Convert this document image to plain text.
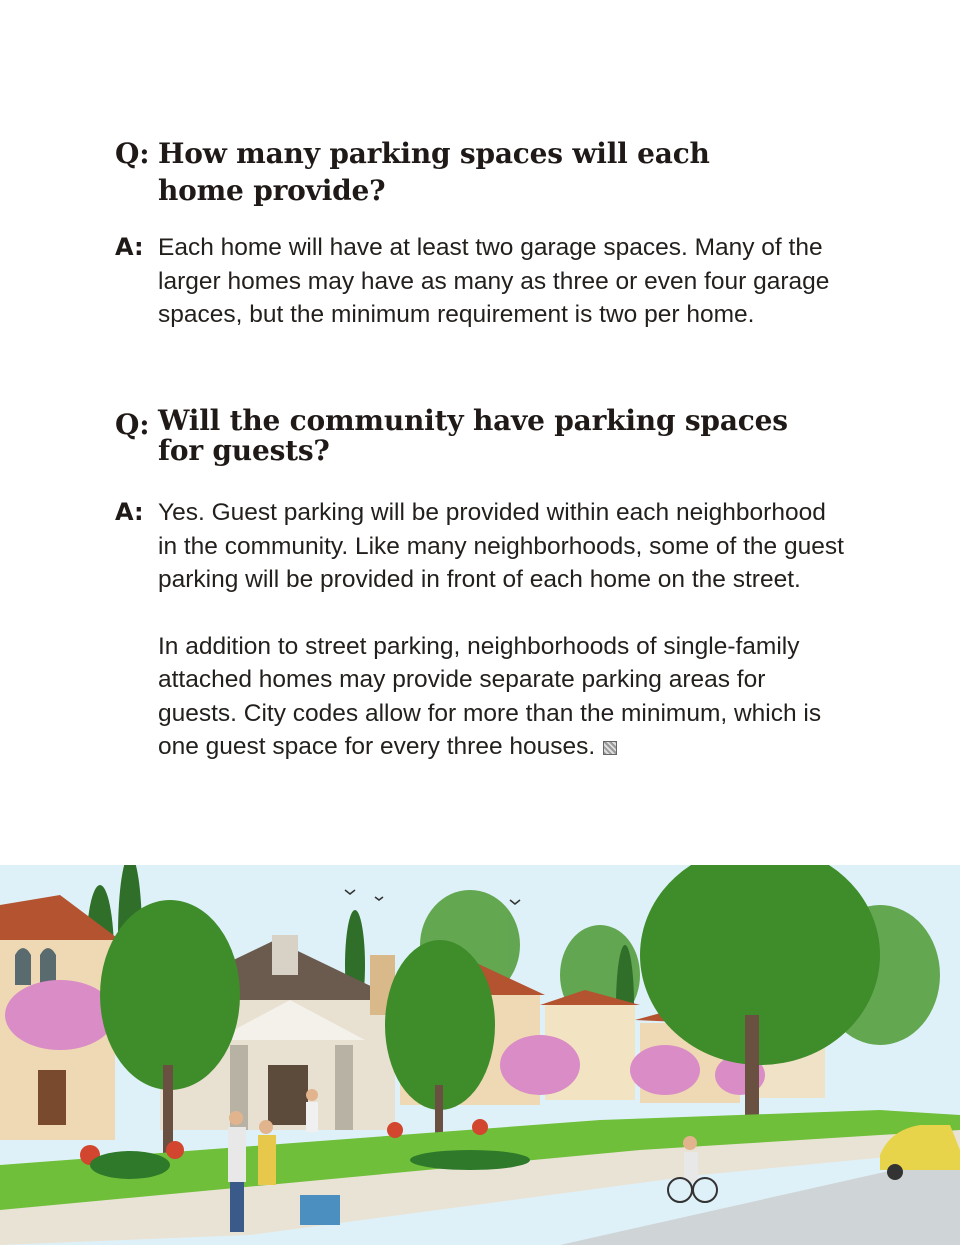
Q: How many parking spaces will each home provide?
A: Each home will have at least two garage spaces. Many of the larger homes may have as many as three or even four garage spaces, but the minimum requirement is two per home.

Q: Will the community have parking spaces for guests?
A: Yes. Guest parking will be provided within each neighborhood in the community. Like many neighborhoods, some of the guest parking will be provided in front of each home on the street.

In addition to street parking, neighborhoods of single-family attached homes may provide separate parking areas for guests. City codes allow for more than the minimum, which is one guest space for every three houses.
